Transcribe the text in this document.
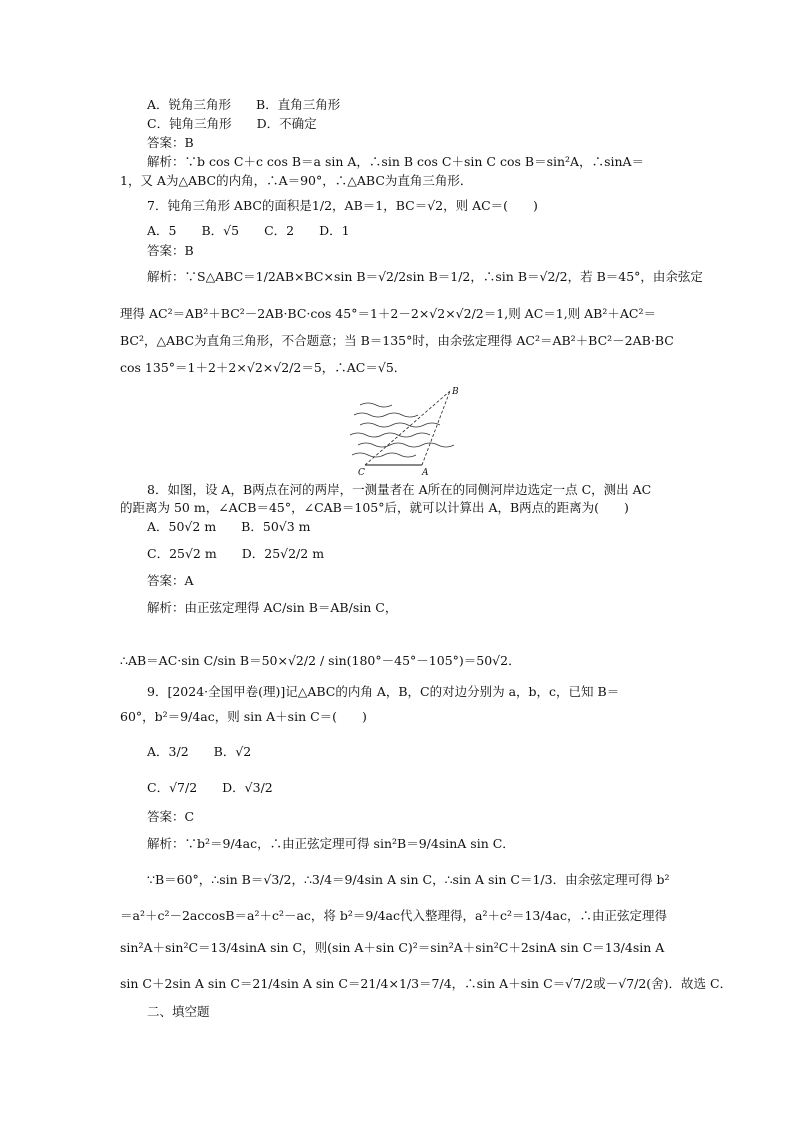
A．锐角三角形　　B．直角三角形
C．钝角三角形　　D．不确定
答案：B
解析：∵b cos C＋c cos B＝a sin A，∴sin B cos C＋sin C cos B＝sin²A，∴sinA＝
1，又 A为△ABC的内角，∴A＝90°，∴△ABC为直角三角形．
7．钝角三角形 ABC的面积是1/2，AB＝1，BC＝√2，则 AC＝(　　)
A．5　　B．√5　　C．2　　D．1
答案：B
解析：∵S△ABC＝1/2AB×BC×sin B＝√2/2sin B＝1/2，∴sin B＝√2/2，若 B＝45°，由余弦定
理得 AC²＝AB²＋BC²－2AB·BC·cos 45°＝1＋2－2×√2×√2/2＝1,则 AC＝1,则 AB²＋AC²＝
BC²，△ABC为直角三角形，不合题意；当 B＝135°时，由余弦定理得 AC²＝AB²＋BC²－2AB·BC
cos 135°＝1＋2＋2×√2×√2/2＝5，∴AC＝√5．
8．如图，设 A，B两点在河的两岸，一测量者在 A所在的同侧河岸边选定一点 C，测出 AC
的距离为 50 m，∠ACB＝45°，∠CAB＝105°后，就可以计算出 A，B两点的距离为(　　)
A．50√2 m　　B．50√3 m
C．25√2 m　　D．25√2/2 m
答案：A
解析：由正弦定理得 AC/sin B＝AB/sin C，
∴AB＝AC·sin C/sin B＝50×√2/2 / sin(180°－45°－105°)＝50√2．
9．[2024·全国甲卷(理)]记△ABC的内角 A，B，C的对边分别为 a，b，c，已知 B＝
60°，b²＝9/4ac，则 sin A＋sin C＝(　　)
A．3/2　　B．√2
C．√7/2　　D．√3/2
答案：C
解析：∵b²＝9/4ac，∴由正弦定理可得 sin²B＝9/4sinA sin C．
∵B＝60°，∴sin B＝√3/2，∴3/4＝9/4sin A sin C，∴sin A sin C＝1/3．由余弦定理可得 b²
＝a²＋c²－2accosB＝a²＋c²－ac，将 b²＝9/4ac代入整理得，a²＋c²＝13/4ac，∴由正弦定理得
sin²A＋sin²C＝13/4sinA sin C，则(sin A＋sin C)²＝sin²A＋sin²C＋2sinA sin C＝13/4sin A
sin C＋2sin A sin C＝21/4sin A sin C＝21/4×1/3＝7/4，∴sin A＋sin C＝√7/2或－√7/2(舍)．故选 C．
二、填空题
A
B
C
